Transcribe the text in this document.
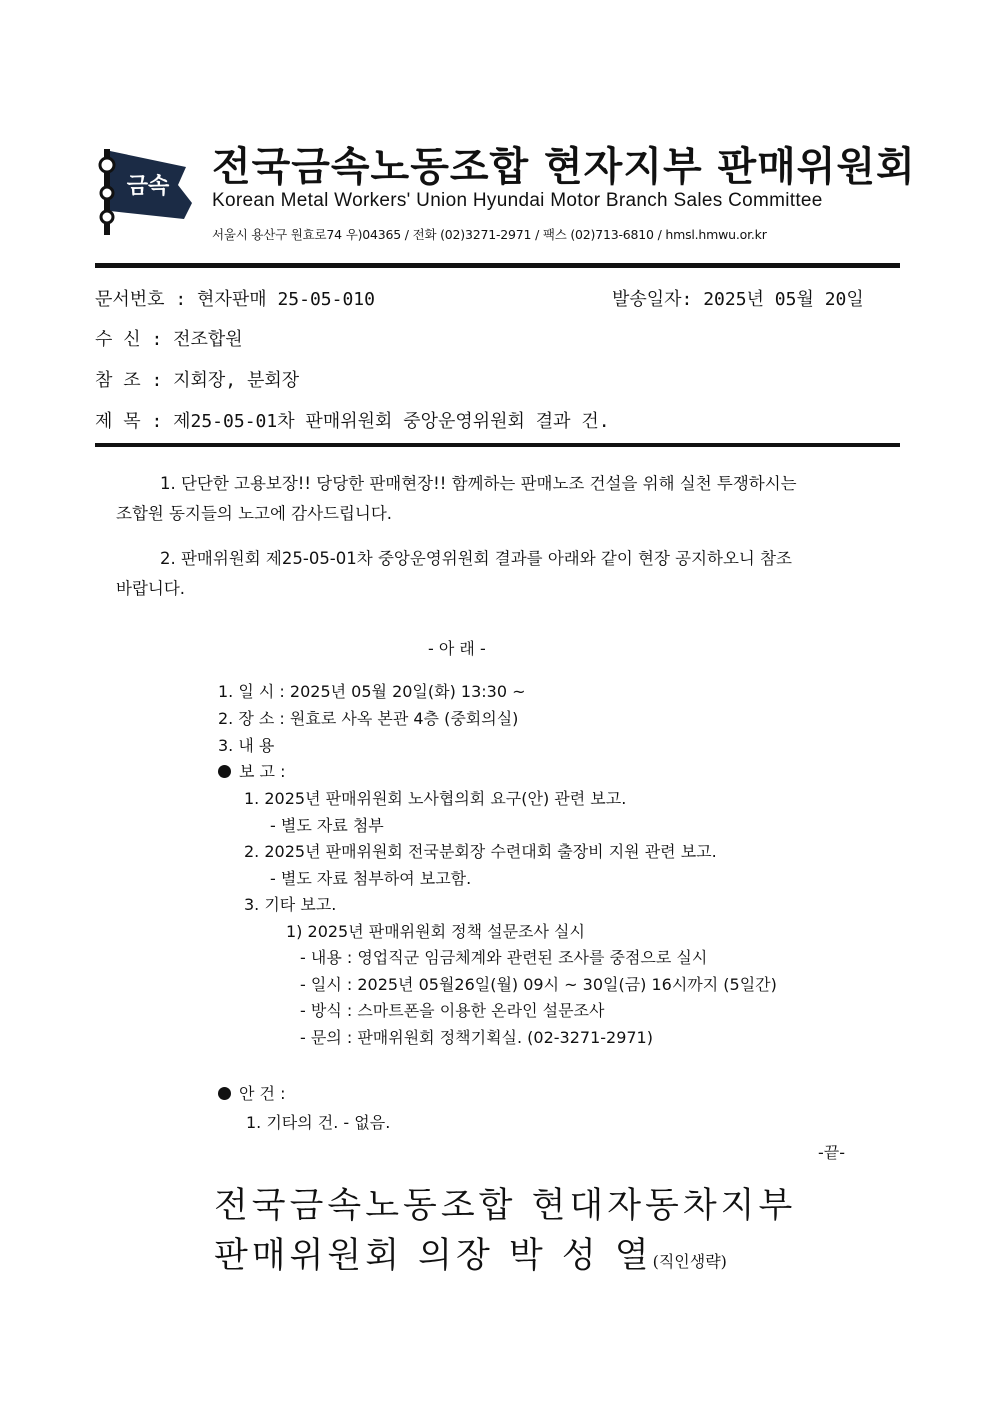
금속 전국금속노동조합 현자지부 판매위원회
Korean Metal Workers' Union Hyundai Motor Branch Sales Committee
서울시 용산구 원효로74 우)04365 / 전화 (02)3271-2971 / 팩스 (02)713-6810 / hmsl.hmwu.or.kr
문서번호 : 현자판매 25-05-010	발송일자: 2025년 05월 20일
수 신 : 전조합원
참 조 : 지회장, 분회장
제 목 : 제25-05-01차 판매위원회 중앙운영위원회 결과 건.
1. 단단한 고용보장!! 당당한 판매현장!! 함께하는 판매노조 건설을 위해 실천 투쟁하시는
조합원 동지들의 노고에 감사드립니다.
2. 판매위원회 제25-05-01차 중앙운영위원회 결과를 아래와 같이 현장 공지하오니 참조
바랍니다.
- 아 래 -
1. 일 시 : 2025년 05월 20일(화) 13:30 ~
2. 장 소 : 원효로 사옥 본관 4층 (중회의실)
3. 내 용
보 고 :
1. 2025년 판매위원회 노사협의회 요구(안) 관련 보고.
- 별도 자료 첨부
2. 2025년 판매위원회 전국분회장 수련대회 출장비 지원 관련 보고.
- 별도 자료 첨부하여 보고함.
3. 기타 보고.
1) 2025년 판매위원회 정책 설문조사 실시
- 내용 : 영업직군 임금체계와 관련된 조사를 중점으로 실시
- 일시 : 2025년 05월26일(월) 09시 ~ 30일(금) 16시까지 (5일간)
- 방식 : 스마트폰을 이용한 온라인 설문조사
- 문의 : 판매위원회 정책기획실. (02-3271-2971)
안 건 :
1. 기타의 건. - 없음.
-끝-
전국금속노동조합 현대자동차지부
판매위원회 의장 박 성 열(직인생략)
